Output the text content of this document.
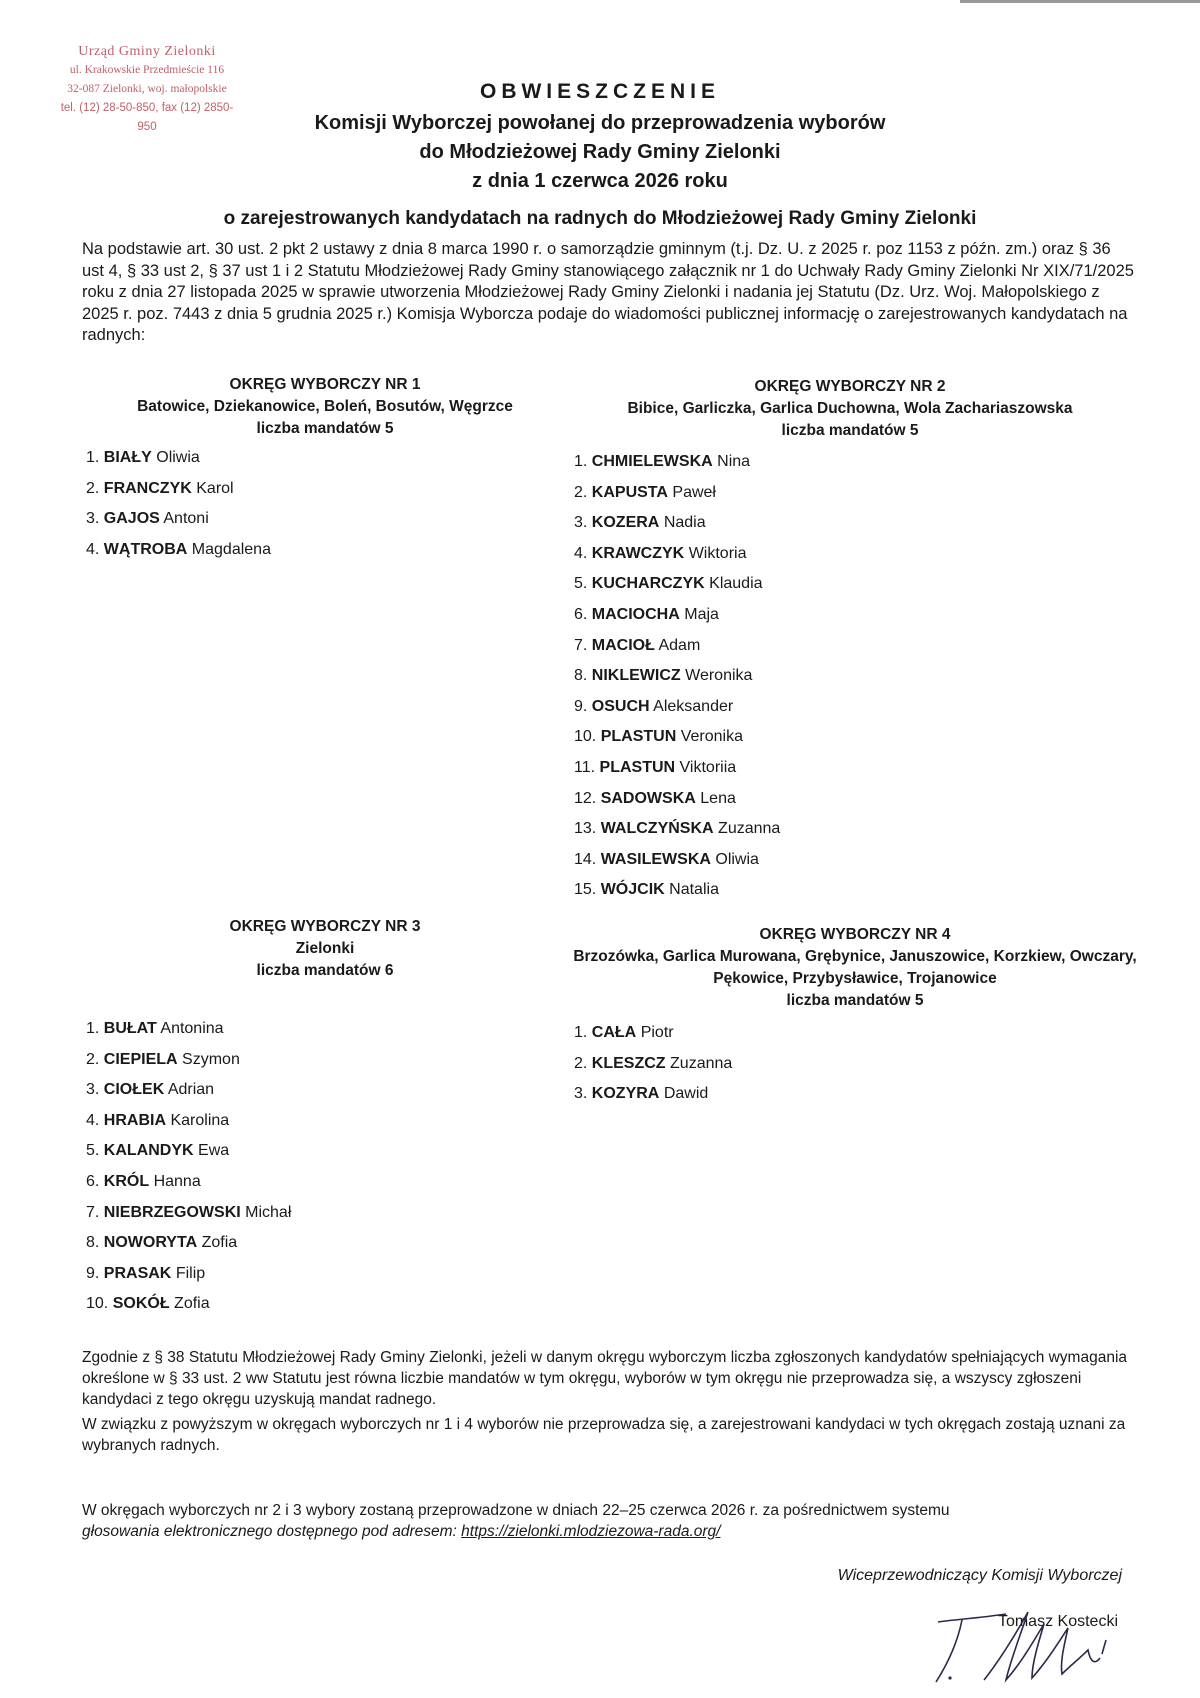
Urząd Gminy Zielonki
ul. Krakowskie Przedmieście 116
32-087 Zielonki, woj. małopolskie
tel. (12) 28-50-850, fax (12) 2850-950
OBWIESZCZENIE
Komisji Wyborczej powołanej do przeprowadzenia wyborów
do Młodzieżowej Rady Gminy Zielonki
z dnia 1 czerwca 2026 roku
o zarejestrowanych kandydatach na radnych do Młodzieżowej Rady Gminy Zielonki
Na podstawie art. 30 ust. 2 pkt 2 ustawy z dnia 8 marca 1990 r. o samorządzie gminnym (t.j. Dz. U. z 2025 r. poz 1153 z późn. zm.) oraz § 36 ust 4, § 33 ust 2, § 37 ust 1 i 2 Statutu Młodzieżowej Rady Gminy stanowiącego załącznik nr 1 do Uchwały Rady Gminy Zielonki Nr XIX/71/2025 roku z dnia 27 listopada 2025 w sprawie utworzenia Młodzieżowej Rady Gminy Zielonki i nadania jej Statutu (Dz. Urz. Woj. Małopolskiego z 2025 r. poz. 7443 z dnia 5 grudnia 2025 r.) Komisja Wyborcza podaje do wiadomości publicznej informację o zarejestrowanych kandydatach na radnych:
OKRĘG WYBORCZY NR 1
Batowice, Dziekanowice, Boleń, Bosutów, Węgrzce
liczba mandatów 5
1. BIAŁY Oliwia
2. FRANCZYK Karol
3. GAJOS Antoni
4. WĄTROBA Magdalena
OKRĘG WYBORCZY NR 2
Bibice, Garliczka, Garlica Duchowna, Wola Zachariaszowska
liczba mandatów 5
1. CHMIELEWSKA Nina
2. KAPUSTA Paweł
3. KOZERA Nadia
4. KRAWCZYK Wiktoria
5. KUCHARCZYK Klaudia
6. MACIOCHA Maja
7. MACIOŁ Adam
8. NIKLEWICZ Weronika
9. OSUCH Aleksander
10. PLASTUN Veronika
11. PLASTUN Viktoriia
12. SADOWSKA Lena
13. WALCZYŃSKA Zuzanna
14. WASILEWSKA Oliwia
15. WÓJCIK Natalia
OKRĘG WYBORCZY NR 3
Zielonki
liczba mandatów 6
1. BUŁAT Antonina
2. CIEPIELA Szymon
3. CIOŁEK Adrian
4. HRABIA Karolina
5. KALANDYK Ewa
6. KRÓL Hanna
7. NIEBRZEGOWSKI Michał
8. NOWORYTA Zofia
9. PRASAK Filip
10. SOKÓŁ Zofia
OKRĘG WYBORCZY NR 4
Brzozówka, Garlica Murowana, Grębynice, Januszowice, Korzkiew, Owczary, Pękowice, Przybysławice, Trojanowice
liczba mandatów 5
1. CAŁA Piotr
2. KLESZCZ Zuzanna
3. KOZYRA Dawid
Zgodnie z § 38 Statutu Młodzieżowej Rady Gminy Zielonki, jeżeli w danym okręgu wyborczym liczba zgłoszonych kandydatów spełniających wymagania określone w § 33 ust. 2 ww Statutu jest równa liczbie mandatów w tym okręgu, wyborów w tym okręgu nie przeprowadza się, a wszyscy zgłoszeni kandydaci z tego okręgu uzyskują mandat radnego.
W związku z powyższym w okręgach wyborczych nr 1 i 4 wyborów nie przeprowadza się, a zarejestrowani kandydaci w tych okręgach zostają uznani za wybranych radnych.
W okręgach wyborczych nr 2 i 3 wybory zostaną przeprowadzone w dniach 22–25 czerwca 2026 r. za pośrednictwem systemu
głosowania elektronicznego dostępnego pod adresem: https://zielonki.mlodziezowa-rada.org/
Wiceprzewodniczący Komisji Wyborczej
Tomasz Kostecki
